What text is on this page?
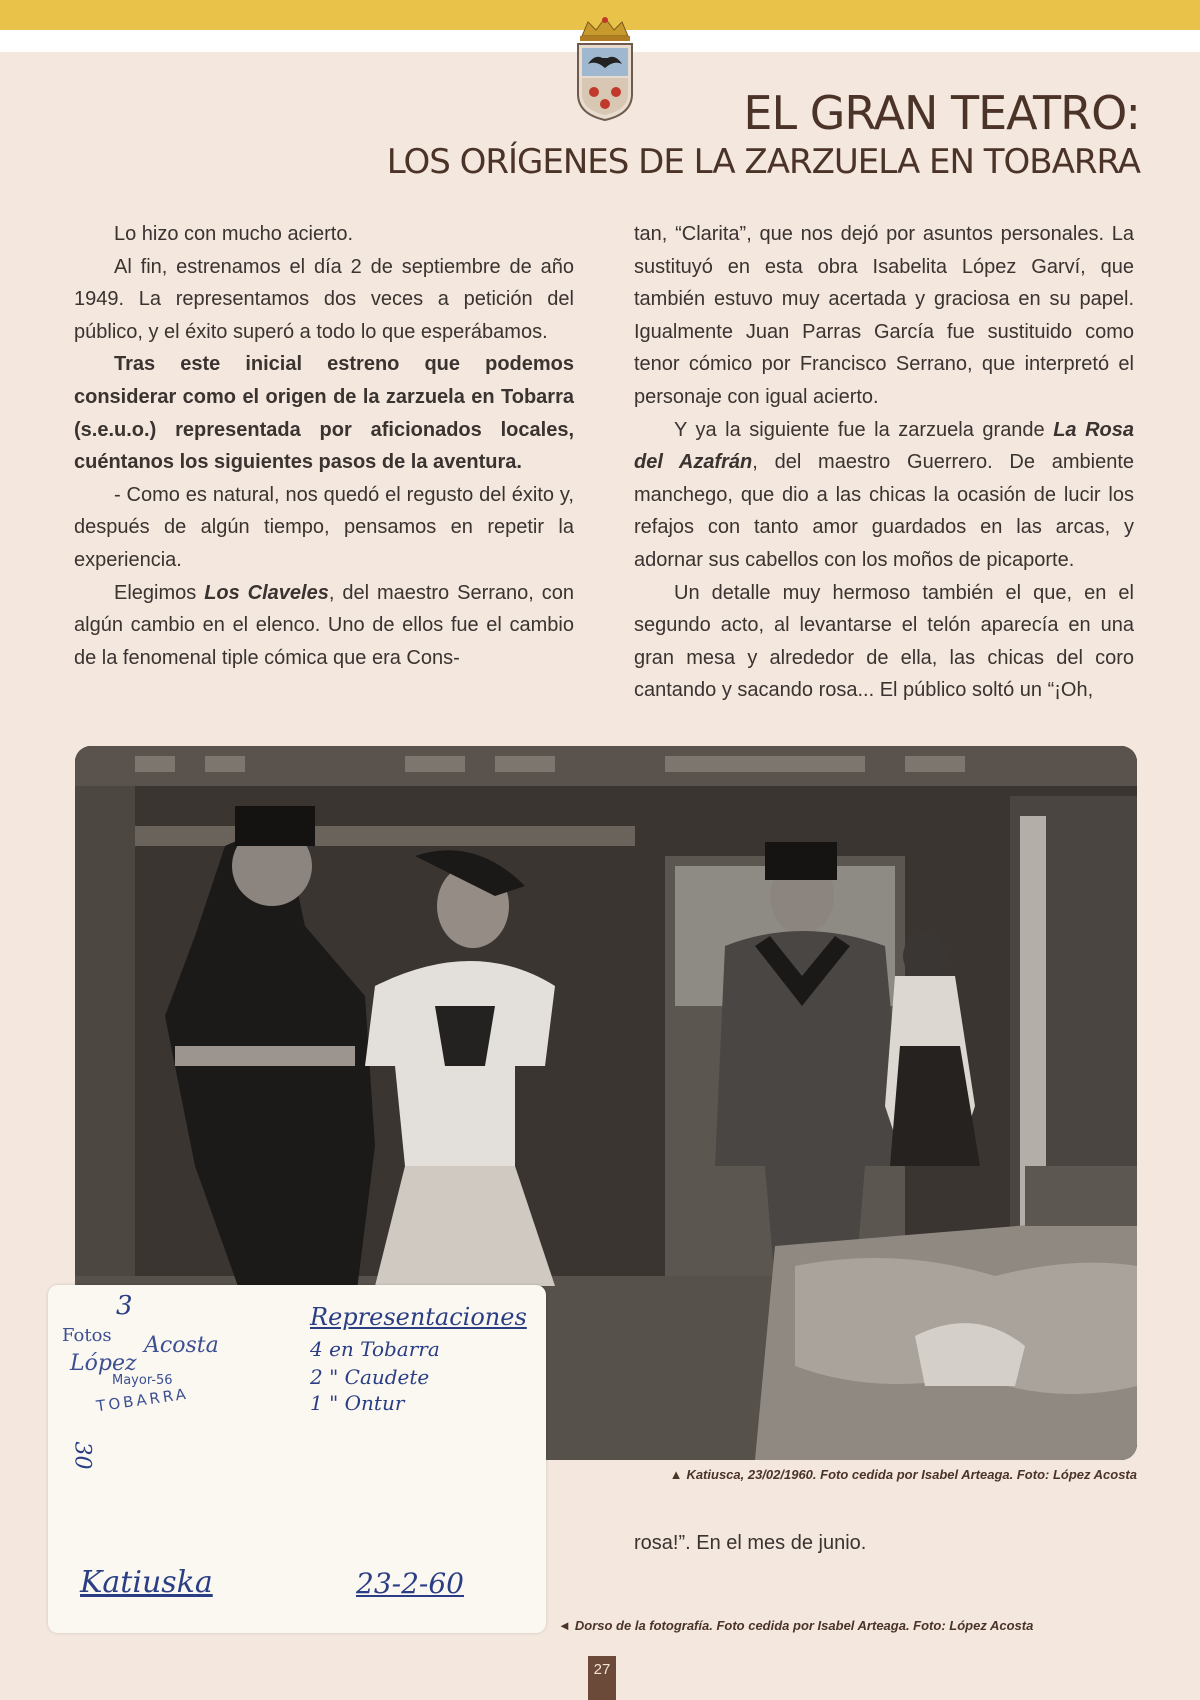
EL GRAN TEATRO:
LOS ORÍGENES DE LA ZARZUELA EN TOBARRA

Lo hizo con mucho acierto.

Al fin, estrenamos el día 2 de septiembre de año 1949. La representamos dos veces a petición del público, y el éxito superó a todo lo que esperábamos.

Tras este inicial estreno que podemos considerar como el origen de la zarzuela en Tobarra (s.e.u.o.) representada por aficionados locales, cuéntanos los siguientes pasos de la aventura.

- Como es natural, nos quedó el regusto del éxito y, después de algún tiempo, pensamos en repetir la experiencia.

Elegimos Los Claveles, del maestro Serrano, con algún cambio en el elenco. Uno de ellos fue el cambio de la fenomenal tiple cómica que era Cons-

tan, “Clarita”, que nos dejó por asuntos personales. La sustituyó en esta obra Isabelita López Garví, que también estuvo muy acertada y graciosa en su papel. Igualmente Juan Parras García fue sustituido como tenor cómico por Francisco Serrano, que interpretó el personaje con igual acierto.

Y ya la siguiente fue la zarzuela grande La Rosa del Azafrán, del maestro Guerrero. De ambiente manchego, que dio a las chicas la ocasión de lucir los refajos con tanto amor guardados en las arcas, y adornar sus cabellos con los moños de picaporte.

Un detalle muy hermoso también el que, en el segundo acto, al levantarse el telón aparecía en una gran mesa y alrededor de ella, las chicas del coro cantando y sacando rosa... El público soltó un “¡Oh,

▲ Katiusca, 23/02/1960. Foto cedida por Isabel Arteaga. Foto: López Acosta
rosa!”. En el mes de junio.
3
Fotos
López
Acosta
Mayor-56
TOBARRA
Representaciones
4 en Tobarra
2 " Caudete
1 " Ontur
30
Katiuska	23-2-60
◄ Dorso de la fotografía. Foto cedida por Isabel Arteaga. Foto: López Acosta
27
